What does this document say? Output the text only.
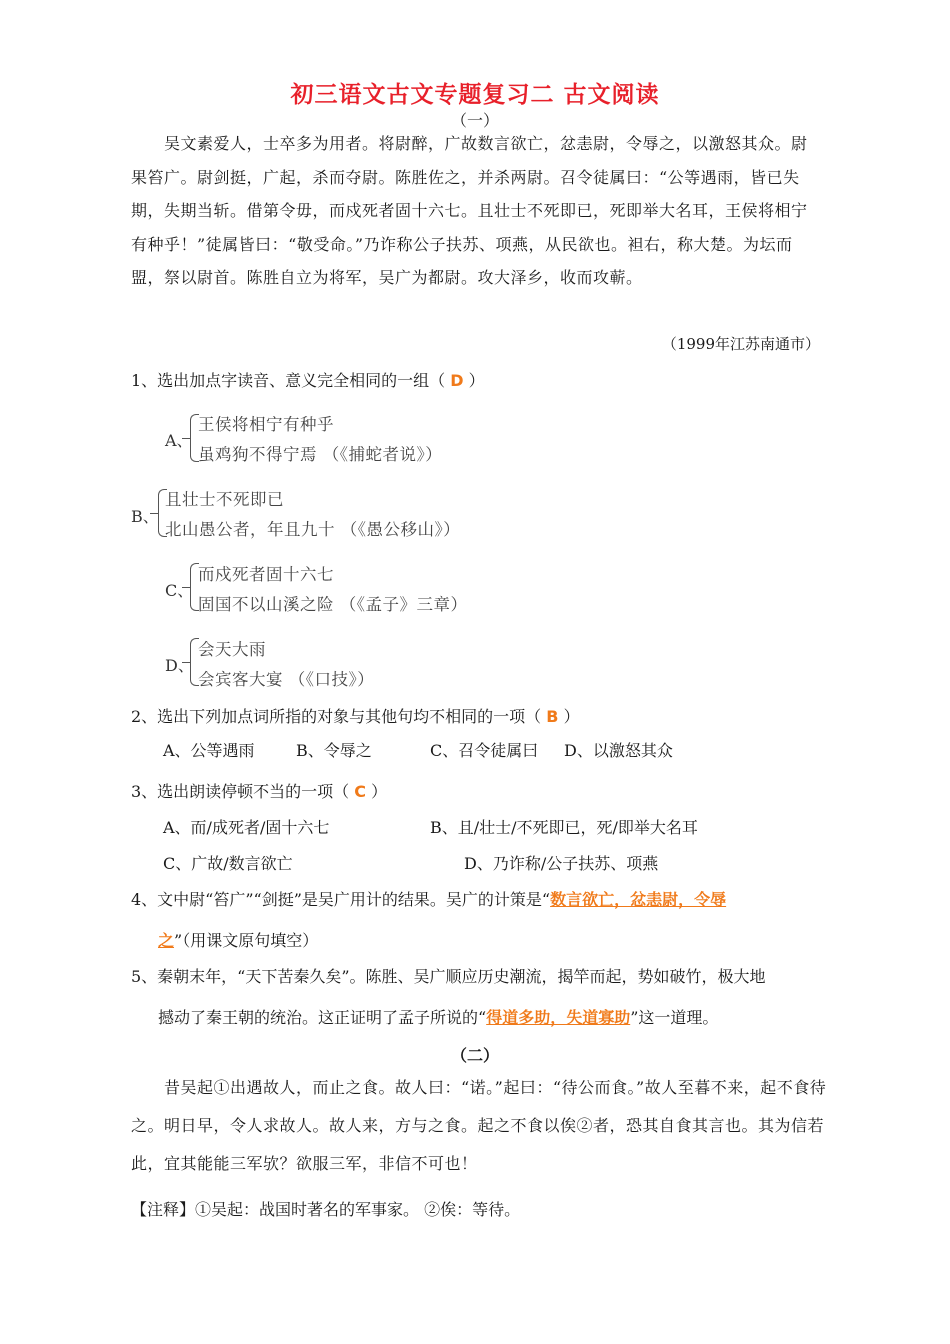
初三语文古文专题复习二 古文阅读
（一）
吴文素爱人，士卒多为用者。将尉醉，广故数言欲亡，忿恚尉，令辱之，以激怒其众。尉果笞广。尉剑挺，广起，杀而夺尉。陈胜佐之，并杀两尉。召令徒属曰：“公等遇雨，皆已失期，失期当斩。借第令毋，而戍死者固十六七。且壮士不死即已，死即举大名耳，王侯将相宁有种乎！”徒属皆曰：“敬受命。”乃诈称公子扶苏、项燕，从民欲也。袒右，称大楚。为坛而盟，祭以尉首。陈胜自立为将军，吴广为都尉。攻大泽乡，收而攻蕲。
（1999年江苏南通市）
1、选出加点字读音、意义完全相同的一组（ D ）
A、
王侯将相宁有种乎
虽鸡狗不得宁焉 （《捕蛇者说》）
B、
且壮士不死即已
北山愚公者，年且九十 （《愚公移山》）
C、
而戍死者固十六七
固国不以山溪之险 （《孟子》三章）
D、
会天大雨
会宾客大宴 （《口技》）
2、选出下列加点词所指的对象与其他句均不相同的一项（ B ）
A、公等遇雨	B、令辱之	C、召令徒属曰 D、以激怒其众
3、选出朗读停顿不当的一项（ C ）
A、而/成死者/固十六七	B、且/壮士/不死即已，死/即举大名耳
C、广故/数言欲亡	D、乃诈称/公子扶苏、项燕
4、文中尉“笞广”“剑挺”是吴广用计的结果。吴广的计策是“数言欲亡，忿恚尉，令辱
之”（用课文原句填空）
5、秦朝末年，“天下苦秦久矣”。陈胜、吴广顺应历史潮流，揭竿而起，势如破竹，极大地
撼动了秦王朝的统治。这正证明了孟子所说的“得道多助，失道寡助”这一道理。
（二）
昔吴起①出遇故人，而止之食。故人曰：“诺。”起曰：“待公而食。”故人至暮不来，起不食待之。明日早，令人求故人。故人来，方与之食。起之不食以俟②者，恐其自食其言也。其为信若此，宜其能能三军欤？欲服三军，非信不可也！
【注释】①吴起：战国时著名的军事家。 ②俟：等待。
